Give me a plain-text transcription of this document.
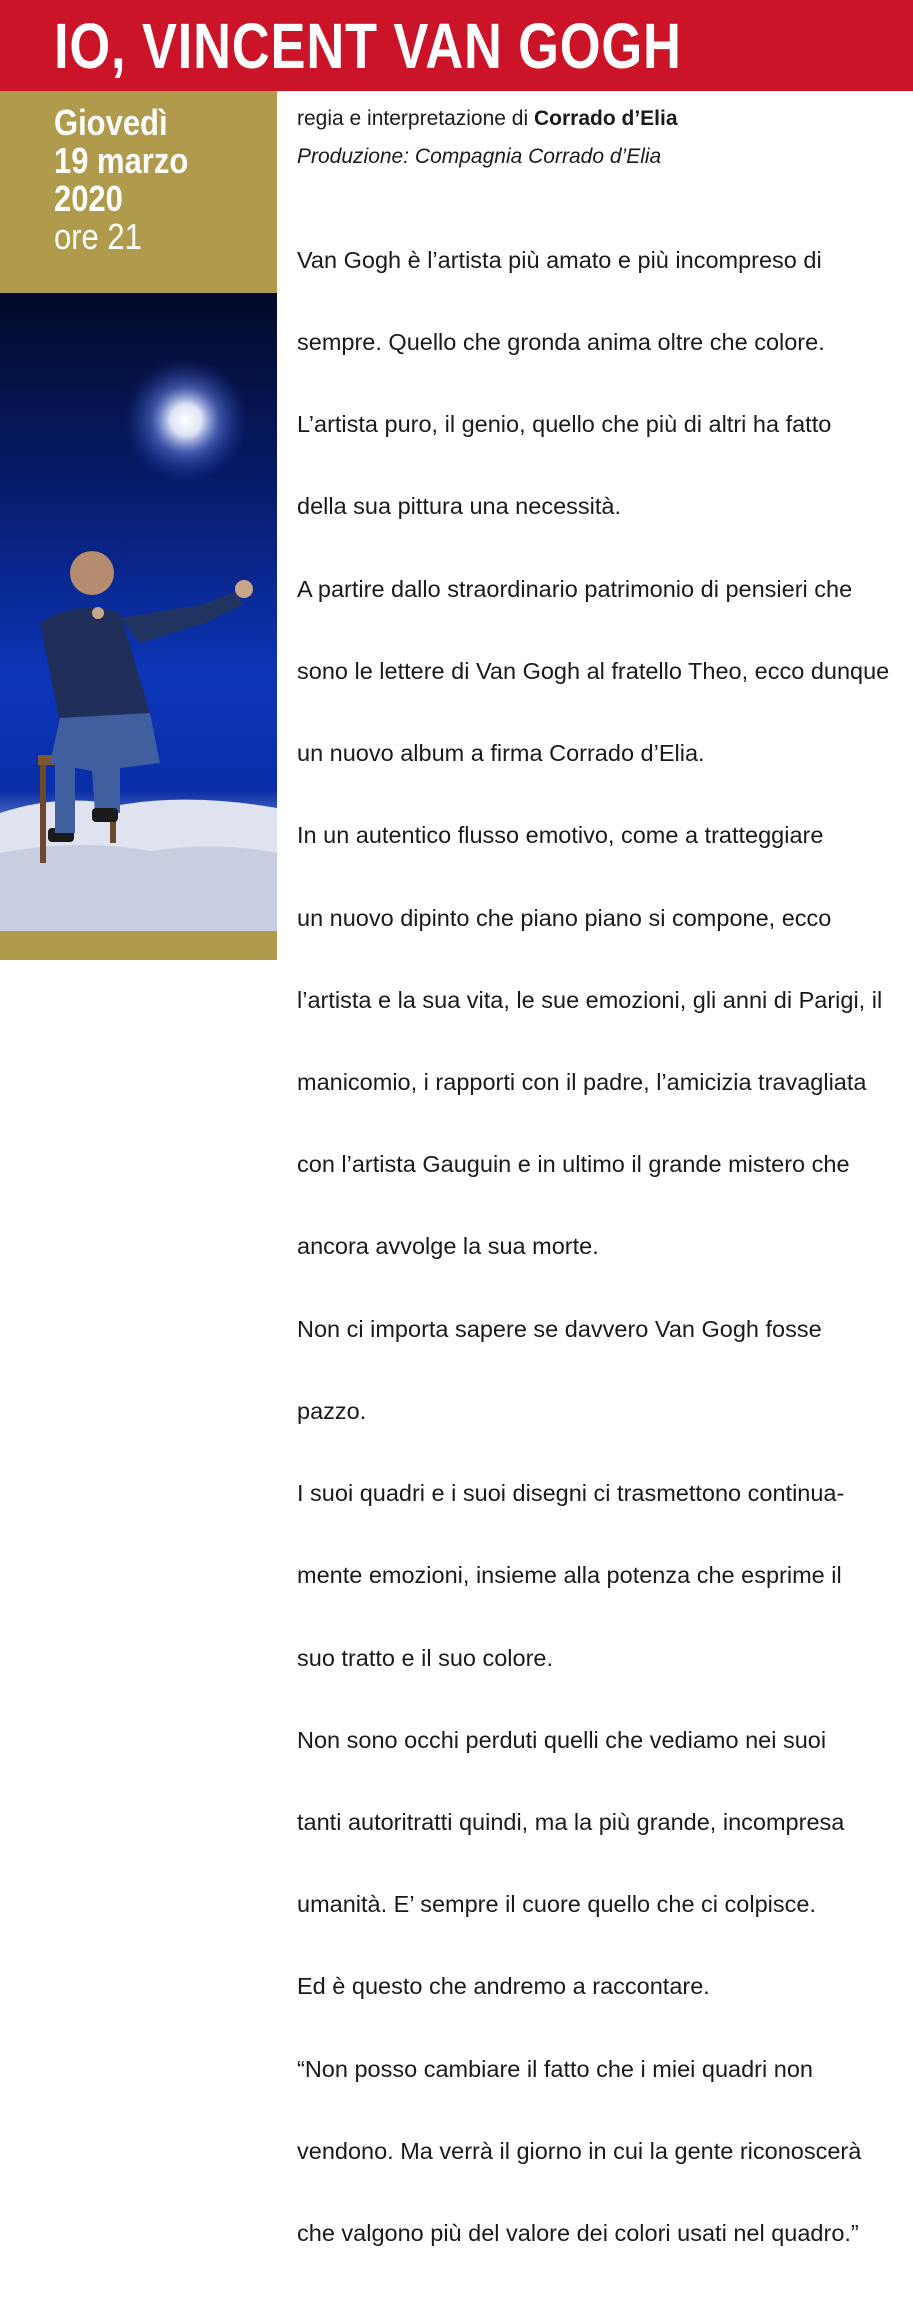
IO, VINCENT VAN GOGH
Giovedì
19 marzo
2020
ore 21
regia e interpretazione di Corrado d’Elia
Produzione: Compagnia Corrado d’Elia

Van Gogh è l’artista più amato e più incompreso di

sempre. Quello che gronda anima oltre che colore.

L’artista puro, il genio, quello che più di altri ha fatto

della sua pittura una necessità.

A partire dallo straordinario patrimonio di pensieri che

sono le lettere di Van Gogh al fratello Theo, ecco dunque

un nuovo album a firma Corrado d’Elia.

In un autentico flusso emotivo, come a tratteggiare

un nuovo dipinto che piano piano si compone, ecco

l’artista e la sua vita, le sue emozioni, gli anni di Parigi, il

manicomio, i rapporti con il padre, l’amicizia travagliata

con l’artista Gauguin e in ultimo il grande mistero che

ancora avvolge la sua morte.

Non ci importa sapere se davvero Van Gogh fosse

pazzo.

I suoi quadri e i suoi disegni ci trasmettono continua-

mente emozioni, insieme alla potenza che esprime il

suo tratto e il suo colore.

Non sono occhi perduti quelli che vediamo nei suoi

tanti autoritratti quindi, ma la più grande, incompresa

umanità. E’ sempre il cuore quello che ci colpisce.

Ed è questo che andremo a raccontare.

“Non posso cambiare il fatto che i miei quadri non

vendono. Ma verrà il giorno in cui la gente riconoscerà

che valgono più del valore dei colori usati nel quadro.”
